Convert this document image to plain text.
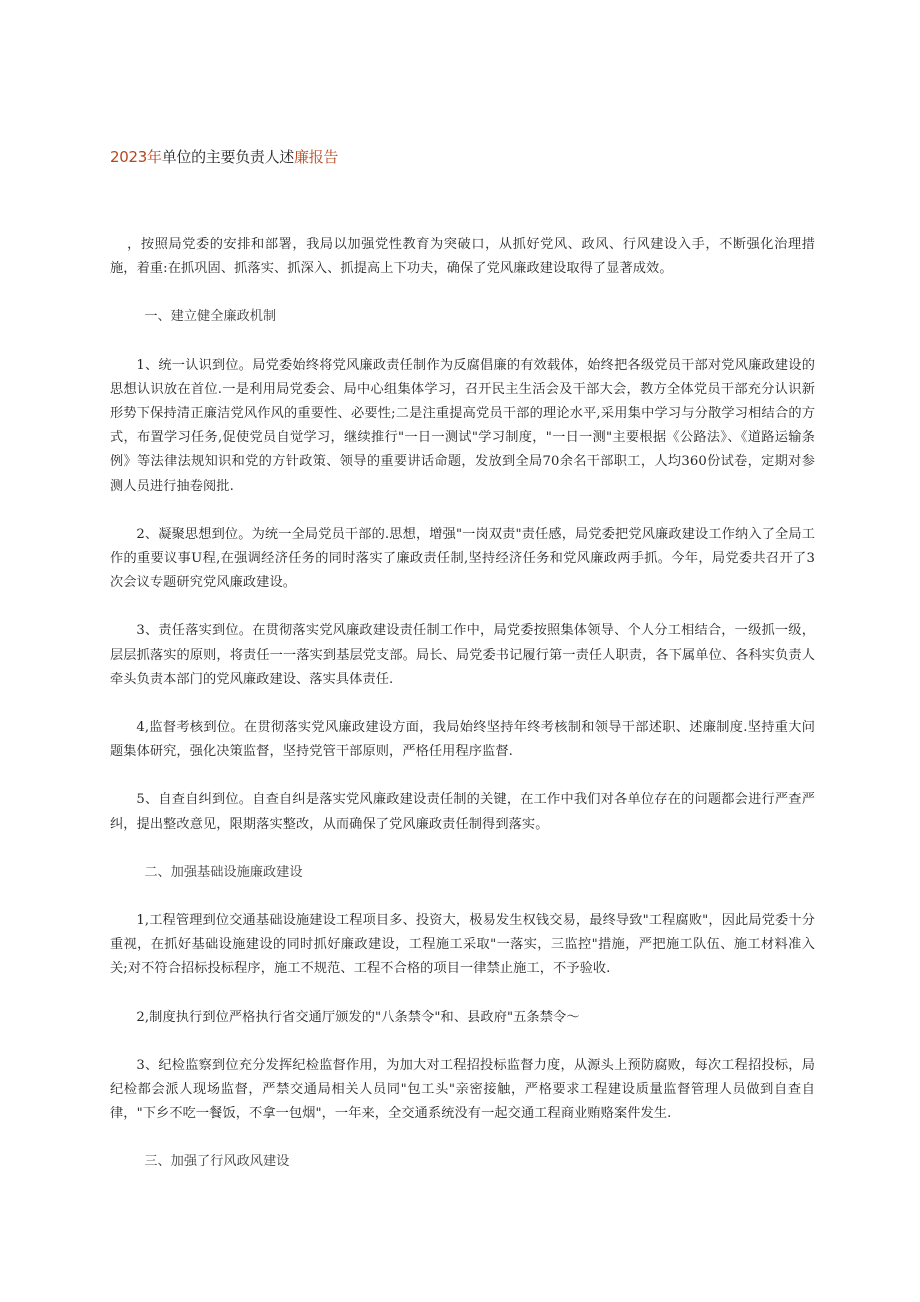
2023年单位的主要负责人述廉报告

，按照局党委的安排和部署，我局以加强党性教育为突破口，从抓好党风、政风、行风建设入手，不断强化治理措施，着重:在抓巩固、抓落实、抓深入、抓提高上下功夫，确保了党风廉政建设取得了显著成效。

一、建立健全廉政机制

1、统一认识到位。局党委始终将党风廉政责任制作为反腐倡廉的有效载体，始终把各级党员干部对党风廉政建设的思想认识放在首位.一是利用局党委会、局中心组集体学习，召开民主生活会及干部大会，教方全体党员干部充分认识新形势下保持清正廉洁党风作风的重要性、必要性;二是注重提高党员干部的理论水平,采用集中学习与分散学习相结合的方式，布置学习任务,促使党员自觉学习，继续推行"一日一测试"学习制度，"一日一测"主要根据《公路法》、《道路运输条例》等法律法规知识和党的方针政策、领导的重要讲话命题，发放到全局70余名干部职工，人均360份试卷，定期对参测人员进行抽卷阅批.

2、凝聚思想到位。为统一全局党员干部的.思想，增强"一岗双责"责任感，局党委把党风廉政建设工作纳入了全局工作的重要议事U程,在强调经济任务的同时落实了廉政责任制,坚持经济任务和党风廉政两手抓。今年，局党委共召开了3次会议专题研究党风廉政建设。

3、责任落实到位。在贯彻落实党风廉政建设责任制工作中，局党委按照集体领导、个人分工相结合，一级抓一级，层层抓落实的原则，将责任一一落实到基层党支部。局长、局党委书记履行第一责任人职责，各下属单位、各科实负责人牵头负责本部门的党风廉政建设、落实具体责任.

4,监督考核到位。在贯彻落实党风廉政建设方面，我局始终坚持年终考核制和领导干部述职、述廉制度.坚持重大问题集体研究，强化决策监督，坚持党管干部原则，严格任用程序监督.

5、自查自纠到位。自查自纠是落实党风廉政建设责任制的关键，在工作中我们对各单位存在的问题都会进行严查严纠，提出整改意见，限期落实整改，从而确保了党风廉政责任制得到落实。

二、加强基础设施廉政建设

1,工程管理到位交通基础设施建设工程项目多、投资大，极易发生权钱交易，最终导致"工程腐败"，因此局党委十分重视，在抓好基础设施建设的同时抓好廉政建设，工程施工采取"一落实，三监控"措施，严把施工队伍、施工材料准入关;对不符合招标投标程序，施工不规范、工程不合格的项目一律禁止施工，不予验收.

2,制度执行到位严格执行省交通厅颁发的"八条禁令"和、县政府"五条禁令～

3、纪检监察到位充分发挥纪检监督作用，为加大对工程招投标监督力度，从源头上预防腐败，每次工程招投标，局纪检都会派人现场监督，严禁交通局相关人员同"包工头"亲密接触，严格要求工程建设质量监督管理人员做到自查自律，"下乡不吃一餐饭，不拿一包烟"，一年来，全交通系统没有一起交通工程商业贿赂案件发生.

三、加强了行风政风建设
